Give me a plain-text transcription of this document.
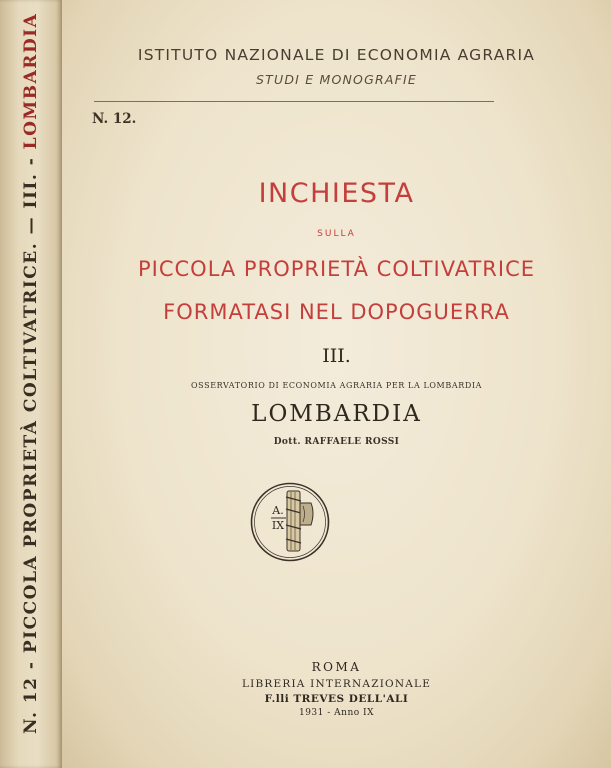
N. 12 - PICCOLA PROPRIETÀ COLTIVATRICE. — III. - LOMBARDIA	ISTITUTO NAZIONALE DI ECONOMIA AGRARIA
STUDI E MONOGRAFIE
N. 12.
INCHIESTA
SULLA
PICCOLA PROPRIETÀ COLTIVATRICE
FORMATASI NEL DOPOGUERRA
III.
OSSERVATORIO DI ECONOMIA AGRARIA PER LA LOMBARDIA
LOMBARDIA
Dott. RAFFAELE ROSSI
A.
IX
ROMA
LIBRERIA INTERNAZIONALE
F.lli TREVES DELL'ALI
1931 - Anno IX
